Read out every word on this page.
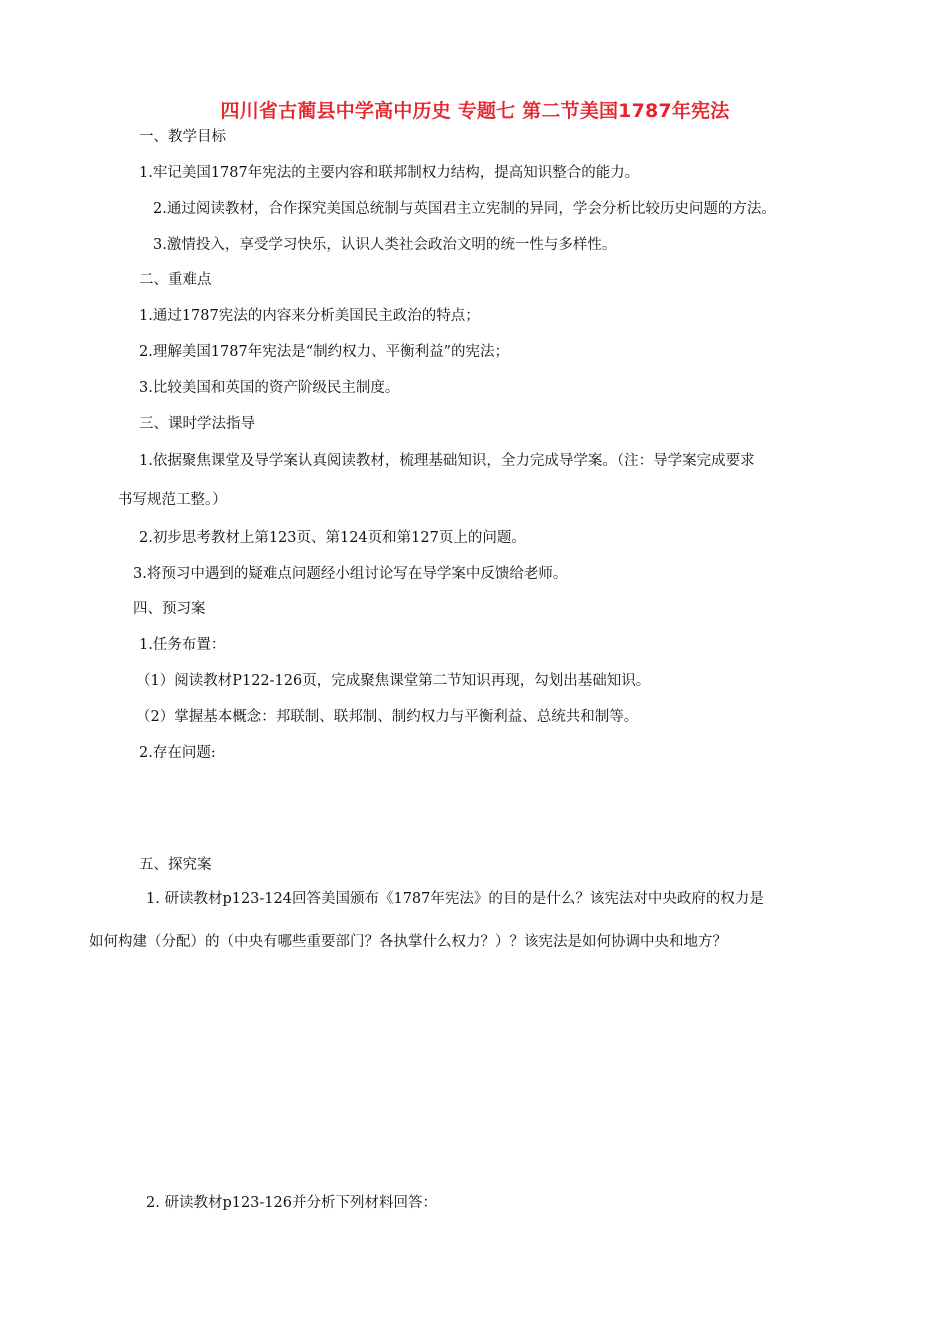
四川省古蔺县中学高中历史 专题七 第二节美国1787年宪法
一、教学目标
1.牢记美国1787年宪法的主要内容和联邦制权力结构，提高知识整合的能力。
2.通过阅读教材，合作探究美国总统制与英国君主立宪制的异同，学会分析比较历史问题的方法。
3.激情投入，享受学习快乐，认识人类社会政治文明的统一性与多样性。
二、重难点
1.通过1787宪法的内容来分析美国民主政治的特点；
2.理解美国1787年宪法是“制约权力、平衡利益”的宪法；
3.比较美国和英国的资产阶级民主制度。
三、课时学法指导
1.依据聚焦课堂及导学案认真阅读教材，梳理基础知识，全力完成导学案。（注：导学案完成要求
书写规范工整。）
2.初步思考教材上第123页、第124页和第127页上的问题。
3.将预习中遇到的疑难点问题经小组讨论写在导学案中反馈给老师。
四、预习案
1.任务布置：
（1）阅读教材P122-126页，完成聚焦课堂第二节知识再现，勾划出基础知识。
（2）掌握基本概念：邦联制、联邦制、制约权力与平衡利益、总统共和制等。
2.存在问题:
五、探究案
1. 研读教材p123-124回答美国颁布《1787年宪法》的目的是什么？该宪法对中央政府的权力是
如何构建（分配）的（中央有哪些重要部门？各执掌什么权力？）？该宪法是如何协调中央和地方？
2. 研读教材p123-126并分析下列材料回答：
